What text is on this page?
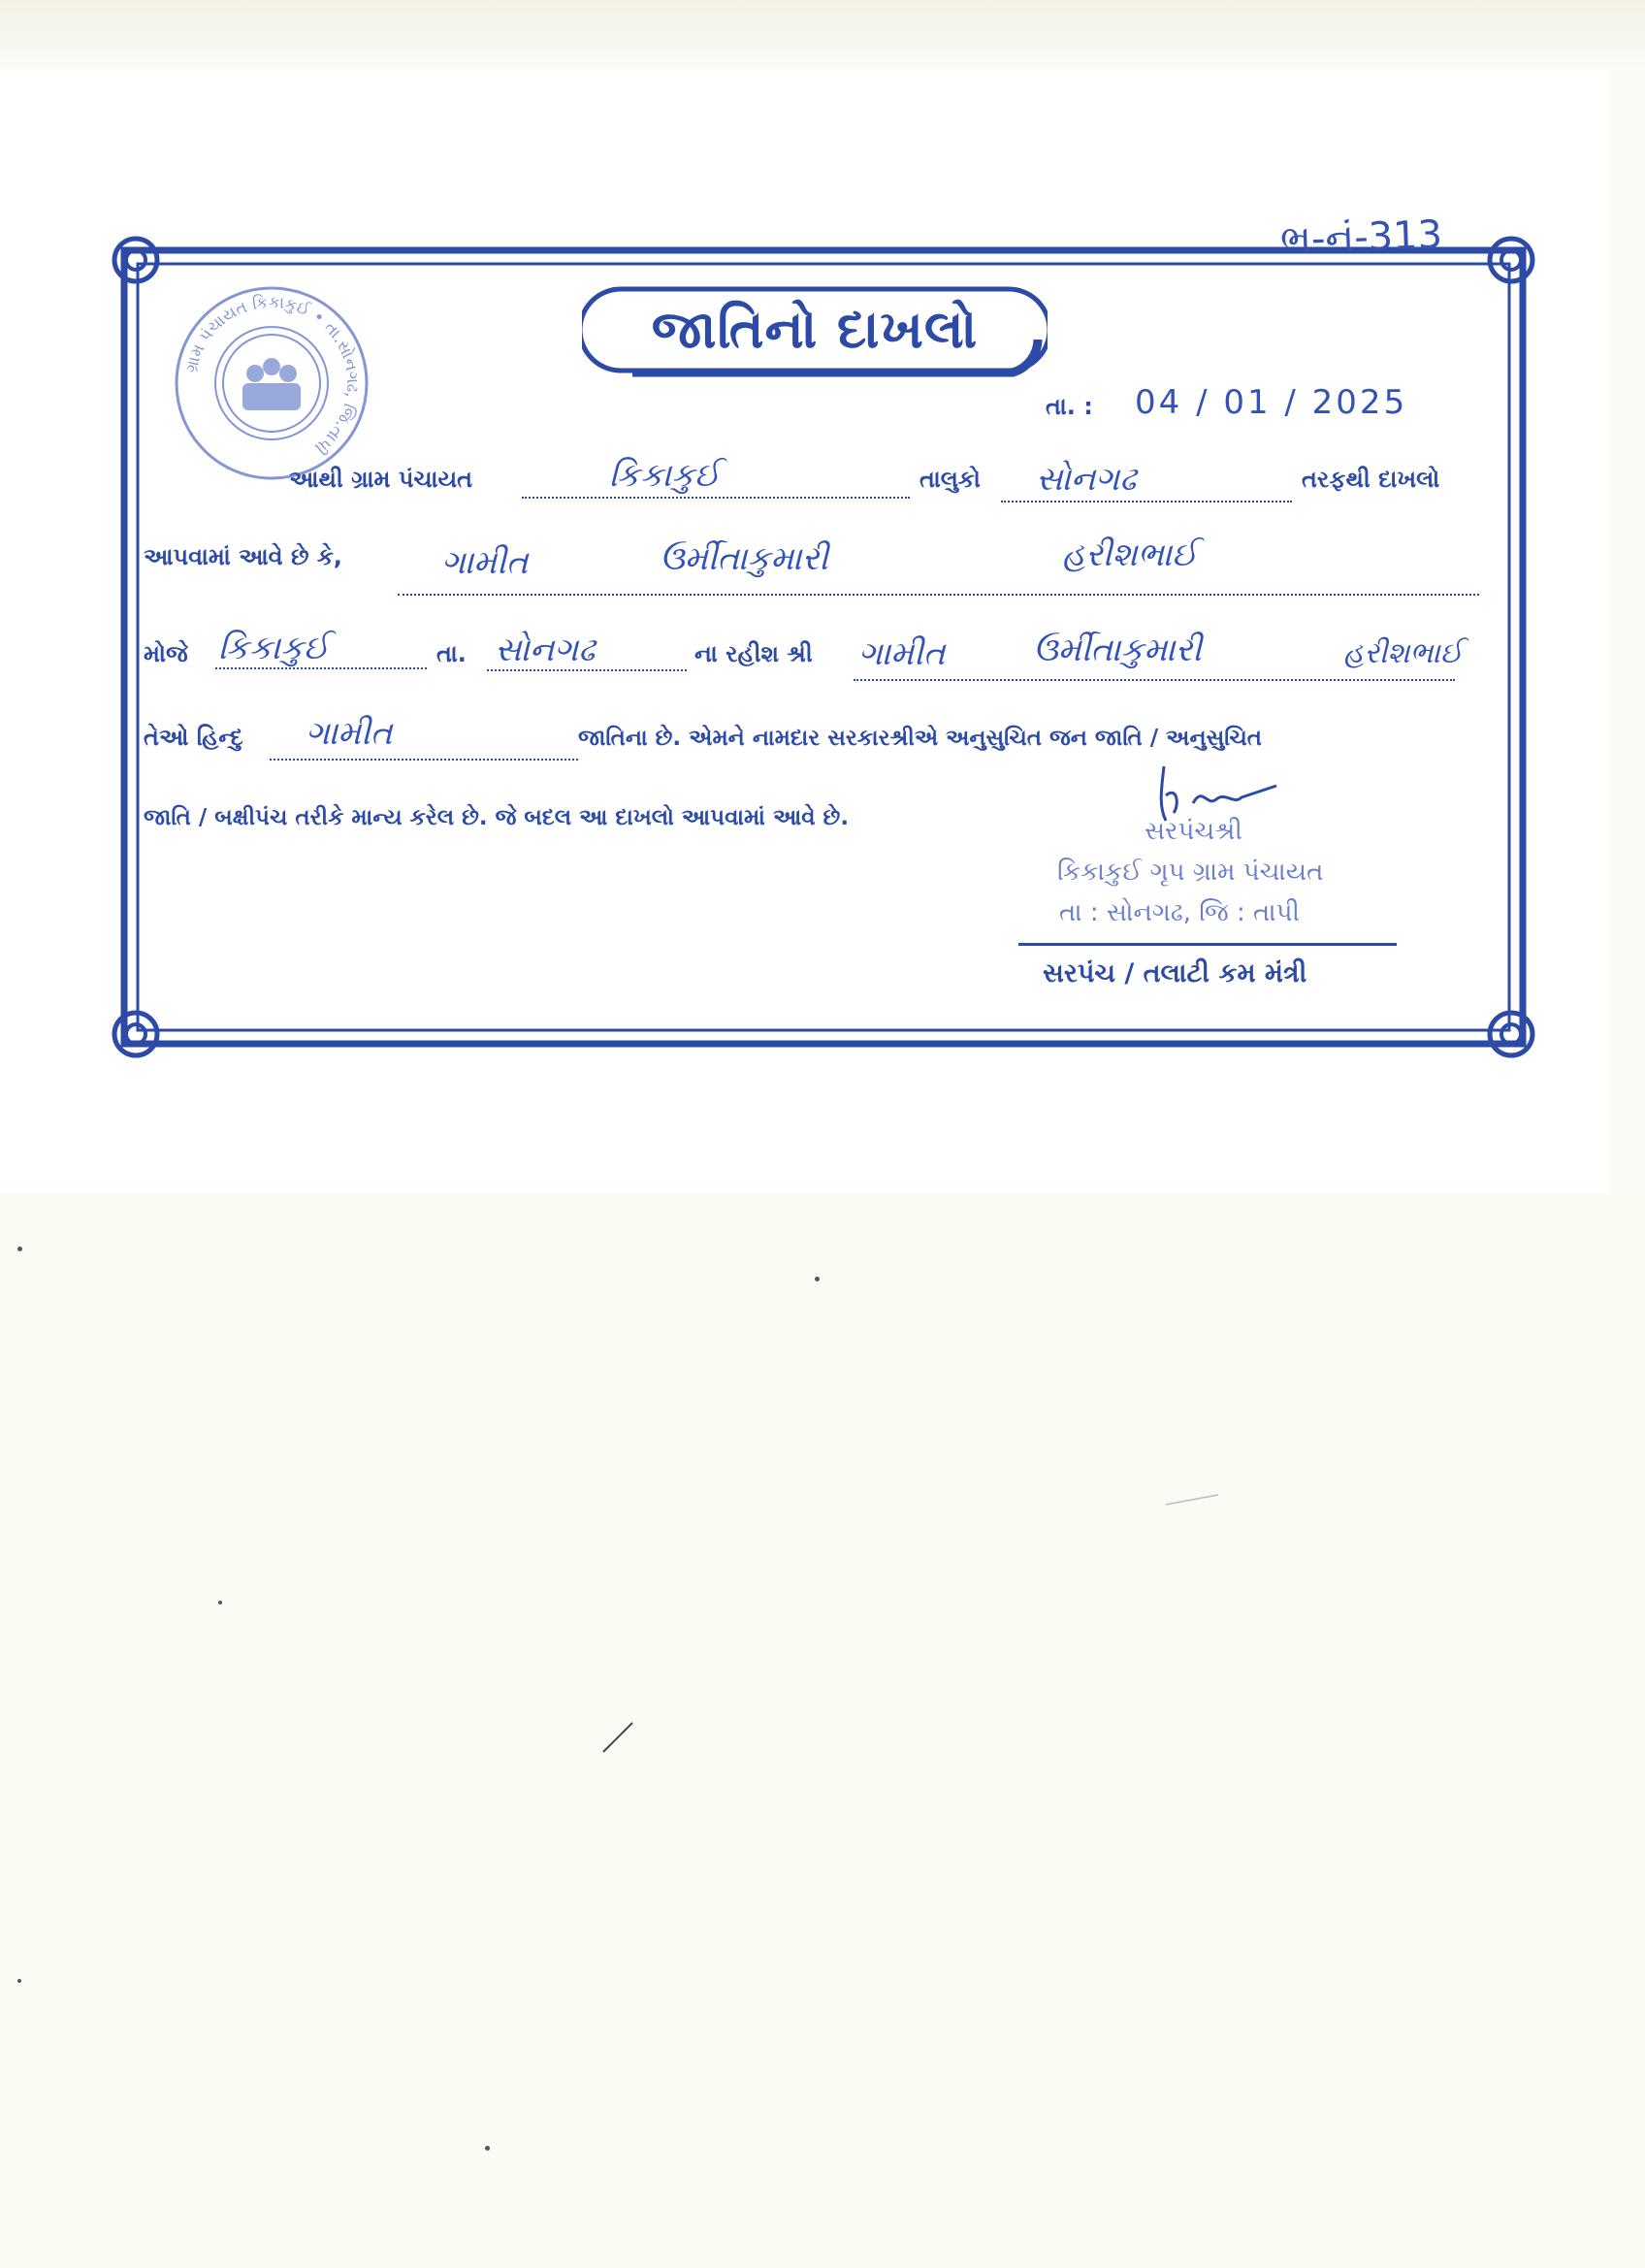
ભ-નં-313
ગ્રામ પંચાયત કિકાકુઈ • તા.સોનગઢ, જિ.તાપી
જાતિનો દાખલો
તા. : 04 / 01 / 2025
આથી ગ્રામ પંચાયત	કિકાકુઈ	તાલુકો સોનગઢ	તરફથી દાખલો
આપવામાં આવે છે કે,	ગામીત	ઉર્મીતાકુમારી	હરીશભાઈ
મોજે કિકાકુઈ	તા. સોનગઢ	ના રહીશ શ્રી ગામીત	ઉર્મીતાકુમારી	હરીશભાઈ
તેઓ હિન્દુ ગામીત	જાતિના છે. એમને નામદાર સરકારશ્રીએ અનુસુચિત જન જાતિ / અનુસુચિત
જાતિ / બક્ષીપંચ તરીકે માન્ય કરેલ છે. જે બદલ આ દાખલો આપવામાં આવે છે.	સરપંચશ્રી
કિકાકુઈ ગૃપ ગ્રામ પંચાયત
તા : સોનગઢ, જિ : તાપી
સરપંચ / તલાટી કમ મંત્રી
